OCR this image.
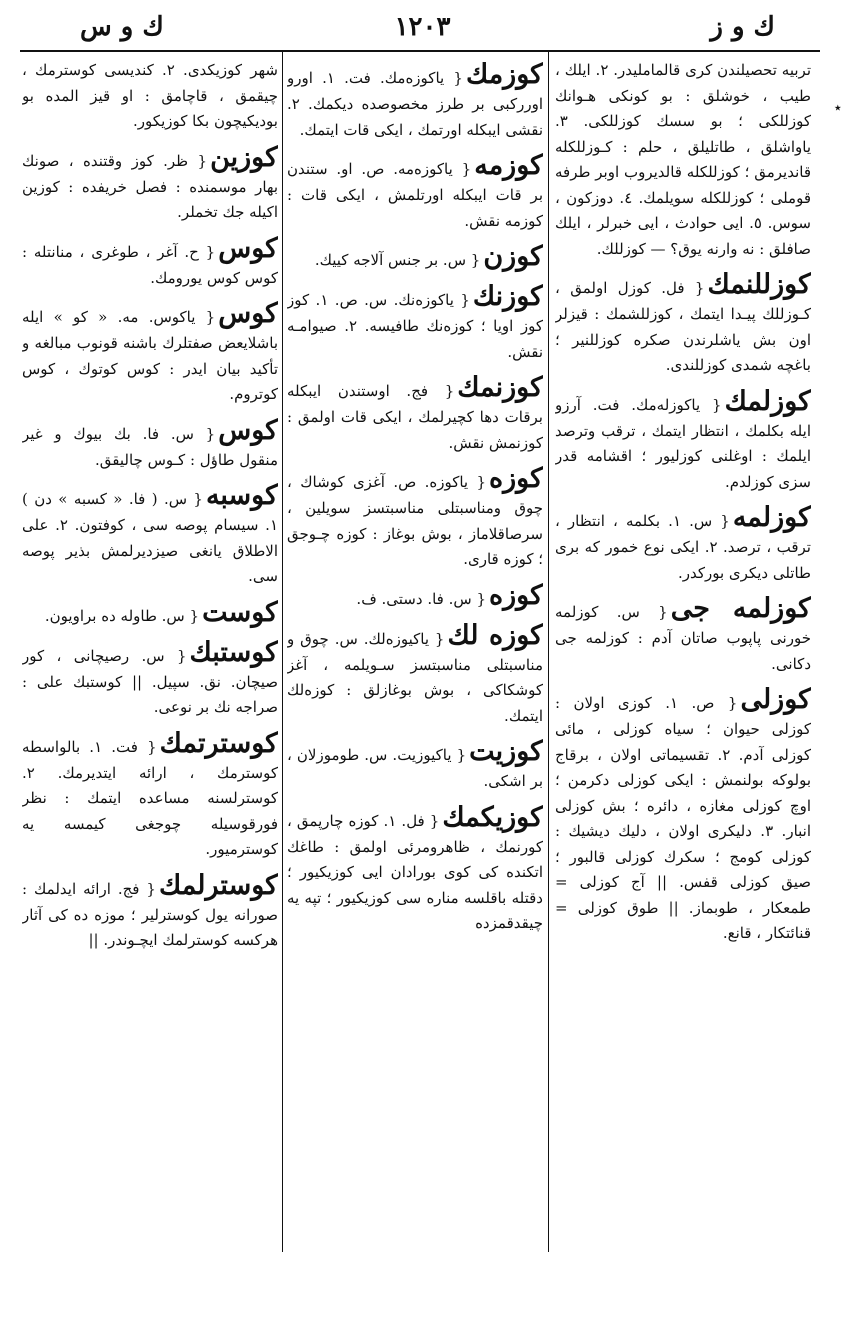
ك و ز
١٢٠٣
ك و س
٭
تربيه تحصيلندن كرى قالمامليدر. ٢. ايلك ، طيب ، خوشلق : بو كونكى هـوانك كوزللكى ؛ بو سسك كوزللكى. ٣. ياواشلق ، طاتليلق ، حلم : كـوزللكله قانديرمق ؛ كوزللكله قالديروب اوبر طرفه قوملى ؛ كوزللكله سويلمك. ٤. دوزكون ، سوس. ٥. ايى حوادث ، ايى خبرلر ، ايلك صافلق : نه وارنه يوق؟ — كوزللك.
كوزللنمك{ فل. كوزل اولمق ، كـوزللك پيـدا ايتمك ، كوزللشمك : قيزلر اون بش ياشلرندن صكره كوزللنير ؛ باغچه شمدى كوزللندى.
كوزلمك{ ياكوزلەمك. فت. آرزو ايله بكلمك ، انتظار ايتمك ، ترقب وترصد ايلمك : اوغلنى كوزليور ؛ اقشامه قدر سزى كوزلدم.
كوزلمه{ س. ١. بكلمه ، انتظار ، ترقب ، ترصد. ٢. ايكى نوع خمور كه برى طاتلى ديكرى بوركدر.
كوزلمه جى{ س. كوزلمه خورنى پاپوب صاتان آدم : كوزلمه جى دكانى.
كوزلى{ ص. ١. كوزى اولان : كوزلى حيوان ؛ سياه كوزلى ، مائى كوزلى آدم. ٢. تقسيماتى اولان ، برقاج بولوكه بولنمش : ايكى كوزلى دكرمن ؛ اوچ كوزلى مغازه ، دائره ؛ بش كوزلى انبار. ٣. دليكرى اولان ، دليك ديشيك : كوزلى كومج ؛ سكرك كوزلى قالبور ؛ صيق كوزلى قفس. || آج كوزلى = طمعكار ، طوبماز. || طوق كوزلى = قنائتكار ، قانع.
كوزمك{ ياكوزەمك. فت. ١. اورو اورركبى بر طرز مخصوصده ديكمك. ٢. نقشى ايبكله اورتمك ، ايكى قات ايتمك.
كوزمه{ ياكوزەمه. ص. او. ستندن بر قات ايبكله اورتلمش ، ايكى قات : كوزمه نقش.
كوزن{ س. بر جنس آلاجه كييك.
كوزنك{ ياكوزەنك. س. ص. ١. كوز كوز اويا ؛ كوزەنك طافيسه. ٢. صيوامـه نقش.
كوزنمك{ فج. اوستندن ايبكله برقات دها كچيرلمك ، ايكى قات اولمق : كوزنمش نقش.
كوزه{ ياكوزه. ص. آغزى كوشاك ، چوق ومناسبتلى مناسبتسز سويلين ، سرصاقلاماز ، بوش بوغاز : كوزه چـوجق ؛ كوزه قارى.
كوزه{ س. فا. دستى. ف.
كوزه لك{ ياكيوزەلك. س. چوق و مناسبتلى مناسبتسز سـويلمه ، آغز كوشكاكى ، بوش بوغازلق : كوزەلك ايتمك.
كوزيت{ ياكيوزيت. س. طوموزلان ، بر اشكى.
كوزيكمك{ فل. ١. كوزه چارپمق ، كورنمك ، ظاهرومرئى اولمق : طاغك اتكنده كى كوى بورادان ايى كوزيكيور ؛ دقتله باقلسه مناره سى كوزيكيور ؛ تپه يه چيقدقمزده
شهر كوزيكدى. ٢. كنديسى كوسترمك ، چيقمق ، قاچامق : او قيز المده بو بوديكيچون بكا كوزيكور.
كوزين{ ظر. كوز وقتنده ، صونك بهار موسمنده : فصل خريفده : كوزين اكيله جك تخملر.
كوس{ ح. آغر ، طوغرى ، منانتله : كوس كوس يورومك.
كوس{ ياكوس. مه. « كو » ايله باشلايعض صفتلرك باشنه قونوب مبالغه و تأكيد بيان ايدر : كوس كوتوك ، كوس كوتروم.
كوس{ س. فا. بك بيوك و غير منقول طاؤل : كـوس چاليقق.
كوسبه{ س. ( فا. « كسبه » دن ) ١. سيسام پوصه سى ، كوفتون. ٢. على الاطلاق يانغى صيزديرلمش بذير پوصه سى.
كوست{ س. طاوله ده براويون.
كوستبك{ س. رصيچانى ، كور صيچان. نق. سپيل. || كوستبك على : صراجه نك بر نوعى.
كوسترتمك{ فت. ١. بالواسطه كوسترمك ، ارائه ايتديرمك. ٢. كوسترلسنه مساعده ايتمك : نظر فورقوسيله چوجغى كيمسه يه كوسترميور.
كوسترلمك{ فج. ارائه ايدلمك : صورانه يول كوسترلير ؛ موزه ده كى آثار هركسه كوسترلمك ايچـوندر. ||
